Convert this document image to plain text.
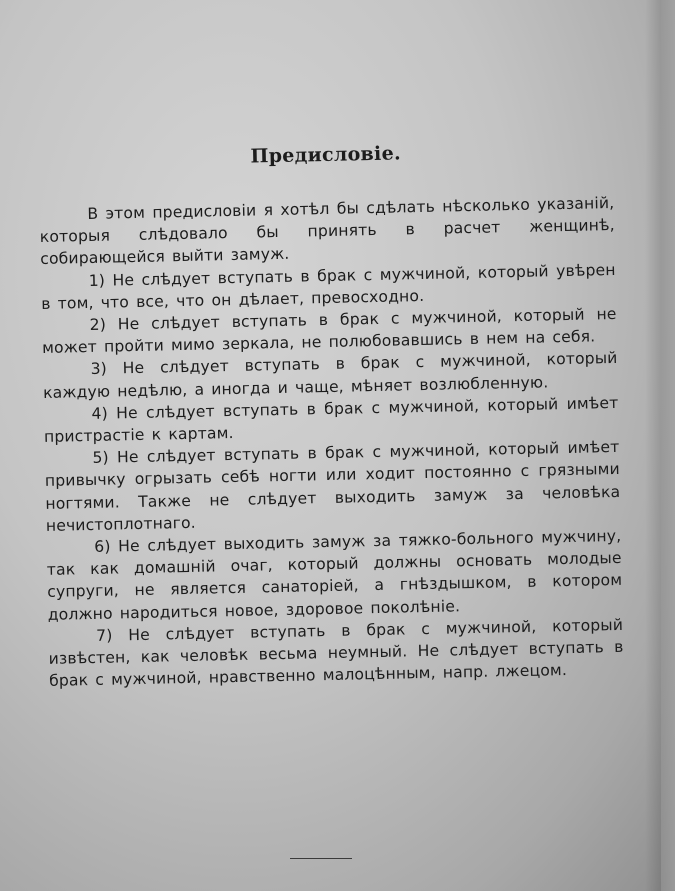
Предисловіе.

В этом предисловіи я хотѣл бы сдѣлать нѣсколько указаній, которыя слѣдовало бы принять в расчет женщинѣ, собирающейся выйти замуж.

1) Не слѣдует вступать в брак с мужчиной, который увѣрен в том, что все, что он дѣлает, превосходно.

2) Не слѣдует вступать в брак с мужчиной, который не может пройти мимо зеркала, не полюбовавшись в нем на себя.

3) Не слѣдует вступать в брак с мужчиной, который каждую недѣлю, а иногда и чаще, мѣняет возлюбленную.

4) Не слѣдует вступать в брак с мужчиной, который имѣет пристрастіе к картам.

5) Не слѣдует вступать в брак с мужчиной, который имѣет привычку огрызать себѣ ногти или ходит постоянно с грязными ногтями. Также не слѣдует выходить замуж за человѣка нечистоплотнаго.

6) Не слѣдует выходить замуж за тяжко-больного мужчину, так как домашній очаг, который должны основать молодые супруги, не является санаторіей, а гнѣздышком, в котором должно народиться новое, здоровое поколѣніе.

7) Не слѣдует вступать в брак с мужчиной, который извѣстен, как человѣк весьма неумный. Не слѣдует вступать в брак с мужчиной, нравственно малоцѣнным, напр. лжецом.
